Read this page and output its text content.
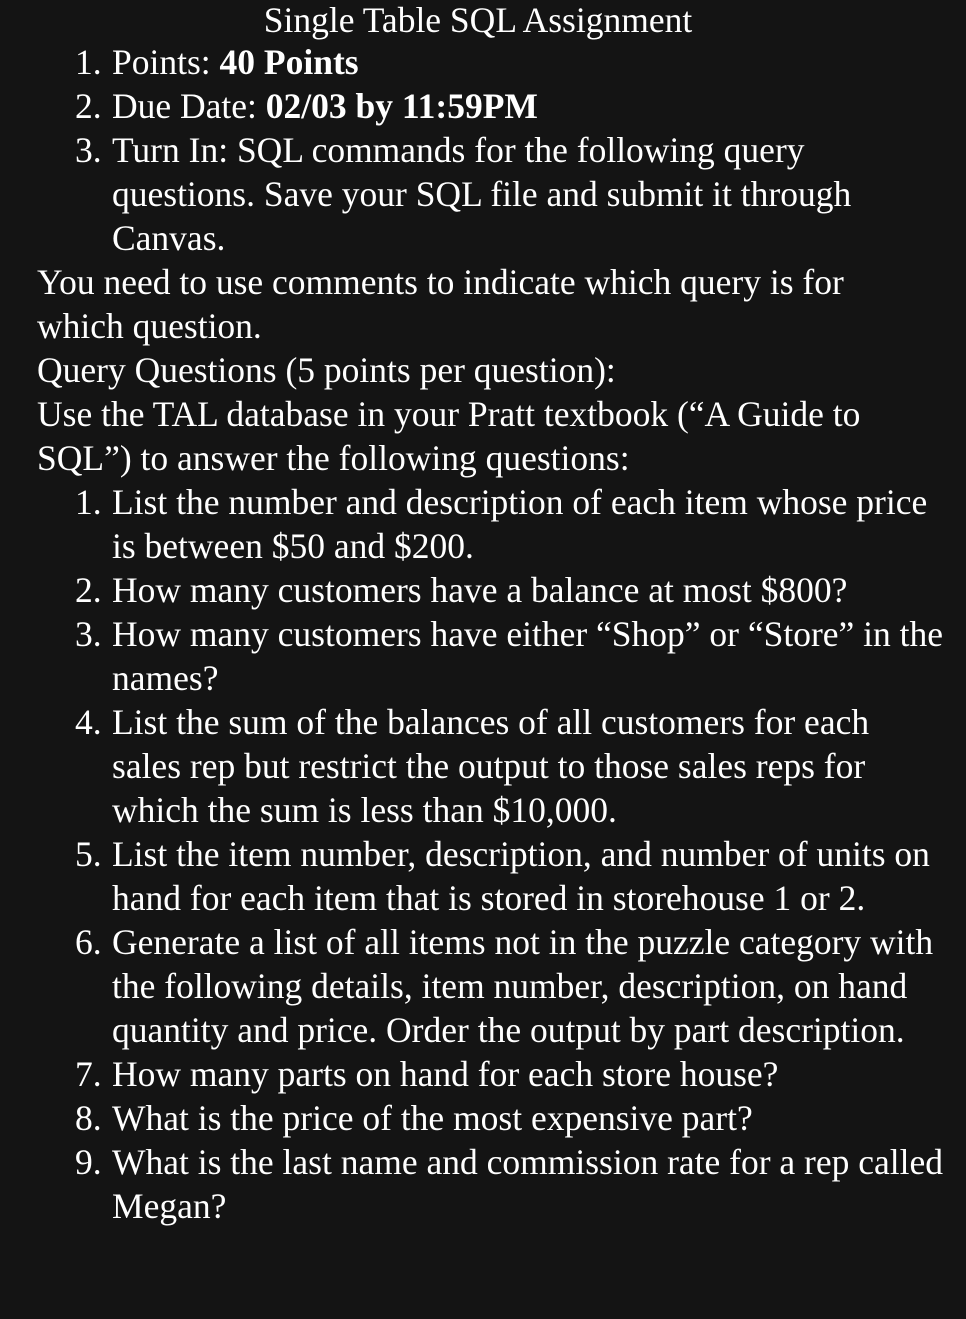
Single Table SQL Assignment
1. Points: 40 Points
2. Due Date: 02/03 by 11:59PM
3. Turn In: SQL commands for the following query questions. Save your SQL file and submit it through Canvas.

You need to use comments to indicate which query is for which question.

Query Questions (5 points per question):

Use the TAL database in your Pratt textbook (“A Guide to SQL”) to answer the following questions:

1. List the number and description of each item whose price is between $50 and $200.
2. How many customers have a balance at most $800?
3. How many customers have either “Shop” or “Store” in the names?
4. List the sum of the balances of all customers for each sales rep but restrict the output to those sales reps for which the sum is less than $10,000.
5. List the item number, description, and number of units on hand for each item that is stored in storehouse 1 or 2.
6. Generate a list of all items not in the puzzle category with the following details, item number, description, on hand quantity and price. Order the output by part description.
7. How many parts on hand for each store house?
8. What is the price of the most expensive part?
9. What is the last name and commission rate for a rep called Megan?
